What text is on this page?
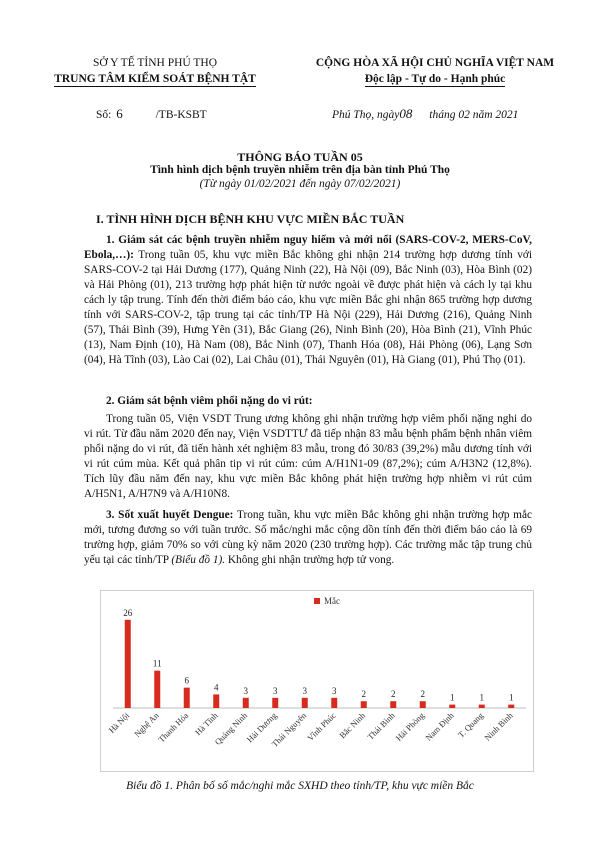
SỞ Y TẾ TỈNH PHÚ THỌ
TRUNG TÂM KIỂM SOÁT BỆNH TẬT
CỘNG HÒA XÃ HỘI CHỦ NGHĨA VIỆT NAM
Độc lập - Tự do - Hạnh phúc
Số: 6	/TB-KSBT	Phú Thọ, ngày08 tháng 02 năm 2021
THÔNG BÁO TUẦN 05
Tình hình dịch bệnh truyền nhiễm trên địa bàn tỉnh Phú Thọ
(Từ ngày 01/02/2021 đến ngày 07/02/2021)
I. TÌNH HÌNH DỊCH BỆNH KHU VỰC MIỀN BẮC TUẦN
1. Giám sát các bệnh truyền nhiễm nguy hiểm và mới nổi (SARS-COV-2, MERS-CoV, Ebola,…): Trong tuần 05, khu vực miền Bắc không ghi nhận 214 trường hợp dương tính với SARS-COV-2 tại Hải Dương (177), Quảng Ninh (22), Hà Nội (09), Bắc Ninh (03), Hòa Bình (02) và Hải Phòng (01), 213 trường hợp phát hiện từ nước ngoài về được phát hiện và cách ly tại khu cách ly tập trung. Tính đến thời điểm báo cáo, khu vực miền Bắc ghi nhận 865 trường hợp dương tính với SARS-COV-2, tập trung tại các tỉnh/TP Hà Nội (229), Hải Dương (216), Quảng Ninh (57), Thái Bình (39), Hưng Yên (31), Bắc Giang (26), Ninh Bình (20), Hòa Bình (21), Vĩnh Phúc (13), Nam Định (10), Hà Nam (08), Bắc Ninh (07), Thanh Hóa (08), Hải Phòng (06), Lạng Sơn (04), Hà Tĩnh (03), Lào Cai (02), Lai Châu (01), Thái Nguyên (01), Hà Giang (01), Phú Thọ (01).
2. Giám sát bệnh viêm phổi nặng do vi rút:
Trong tuần 05, Viện VSDT Trung ương không ghi nhận trường hợp viêm phổi nặng nghi do vi rút. Từ đầu năm 2020 đến nay, Viện VSDTTƯ đã tiếp nhận 83 mẫu bệnh phẩm bệnh nhân viêm phổi nặng do vi rút, đã tiến hành xét nghiệm 83 mẫu, trong đó 30/83 (39,2%) mẫu dương tính với vi rút cúm mùa. Kết quả phân tip vi rút cúm: cúm A/H1N1-09 (87,2%); cúm A/H3N2 (12,8%). Tích lũy đầu năm đến nay, khu vực miền Bắc không phát hiện trường hợp nhiễm vi rút cúm A/H5N1, A/H7N9 và A/H10N8.
3. Sốt xuất huyết Dengue: Trong tuần, khu vực miền Bắc không ghi nhận trường hợp mắc mới, tương đương so với tuần trước. Số mắc/nghi mắc cộng dồn tính đến thời điểm báo cáo là 69 trường hợp, giảm 70% so với cùng kỳ năm 2020 (230 trường hợp). Các trường mắc tập trung chủ yếu tại các tỉnh/TP (Biểu đồ 1). Không ghi nhận trường hợp tử vong.
Mắc
26
Hà Nội
11
Nghệ An
6
Thanh Hóa
4
Hà Tĩnh
3
Quảng Ninh
3
Hải Dương
3
Thái Nguyên
3
Vĩnh Phúc
2
Bắc Ninh
2
Thái Bình
2
Hải Phòng
1
Nam Định
1
T. Quang
1
Ninh Bình
Biểu đồ 1. Phân bố số mắc/nghi mắc SXHD theo tỉnh/TP, khu vực miền Bắc
